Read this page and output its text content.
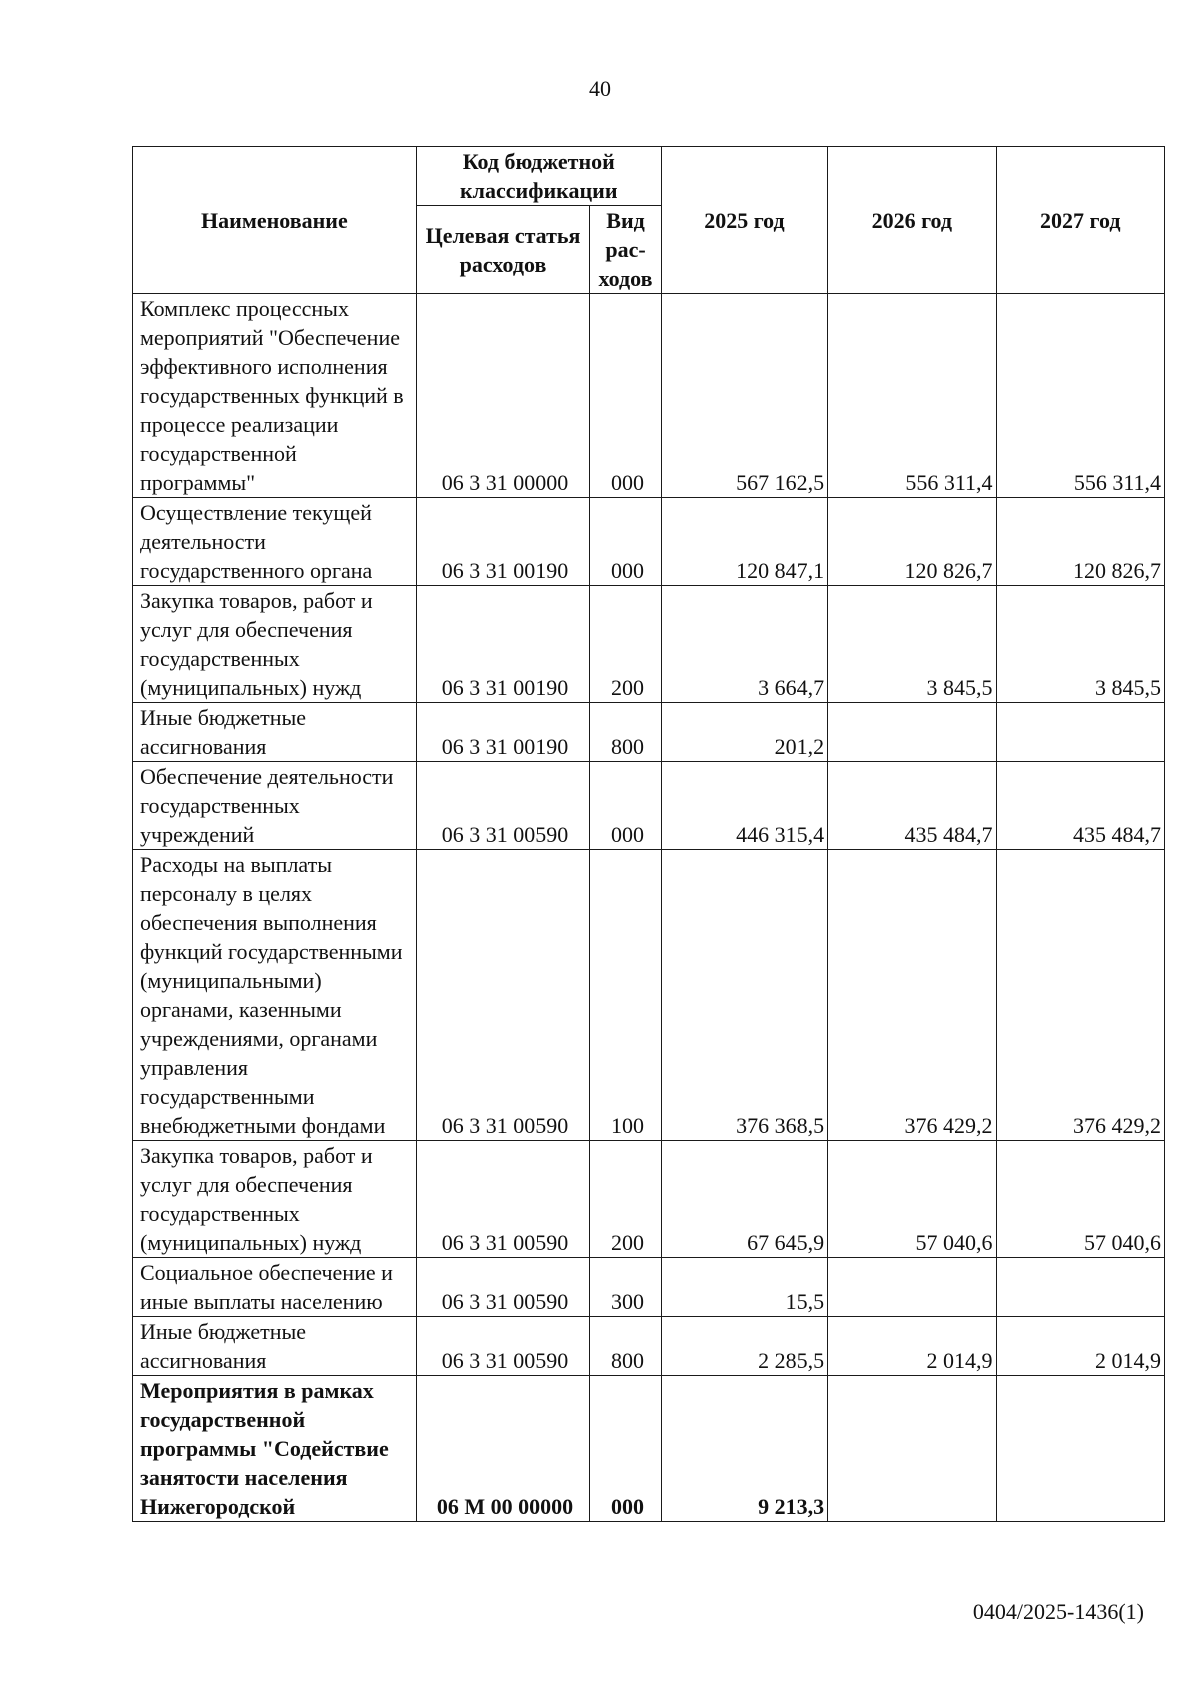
40
Наименование	Код бюджетной классификации		2025 год	2026 год	2027 год
	Целевая статья расходов	Вид рас-ходов			
Комплекс процессных мероприятий "Обеспечение эффективного исполнения государственных функций в процессе реализации государственной программы"	06 3 31 00000	000	567 162,5	556 311,4	556 311,4
Осуществление текущей деятельности государственного органа	06 3 31 00190	000	120 847,1	120 826,7	120 826,7
Закупка товаров, работ и услуг для обеспечения государственных (муниципальных) нужд	06 3 31 00190	200	3 664,7	3 845,5	3 845,5
Иные бюджетные ассигнования	06 3 31 00190	800	201,2		
Обеспечение деятельности государственных учреждений	06 3 31 00590	000	446 315,4	435 484,7	435 484,7
Расходы на выплаты персоналу в целях обеспечения выполнения функций государственными (муниципальными) органами, казенными учреждениями, органами управления государственными внебюджетными фондами	06 3 31 00590	100	376 368,5	376 429,2	376 429,2
Закупка товаров, работ и услуг для обеспечения государственных (муниципальных) нужд	06 3 31 00590	200	67 645,9	57 040,6	57 040,6
Социальное обеспечение и иные выплаты населению	06 3 31 00590	300	15,5		
Иные бюджетные ассигнования	06 3 31 00590	800	2 285,5	2 014,9	2 014,9
Мероприятия в рамках государственной программы "Содействие занятости населения Нижегородской	06 М 00 00000	000	9 213,3		
0404/2025-1436(1)
